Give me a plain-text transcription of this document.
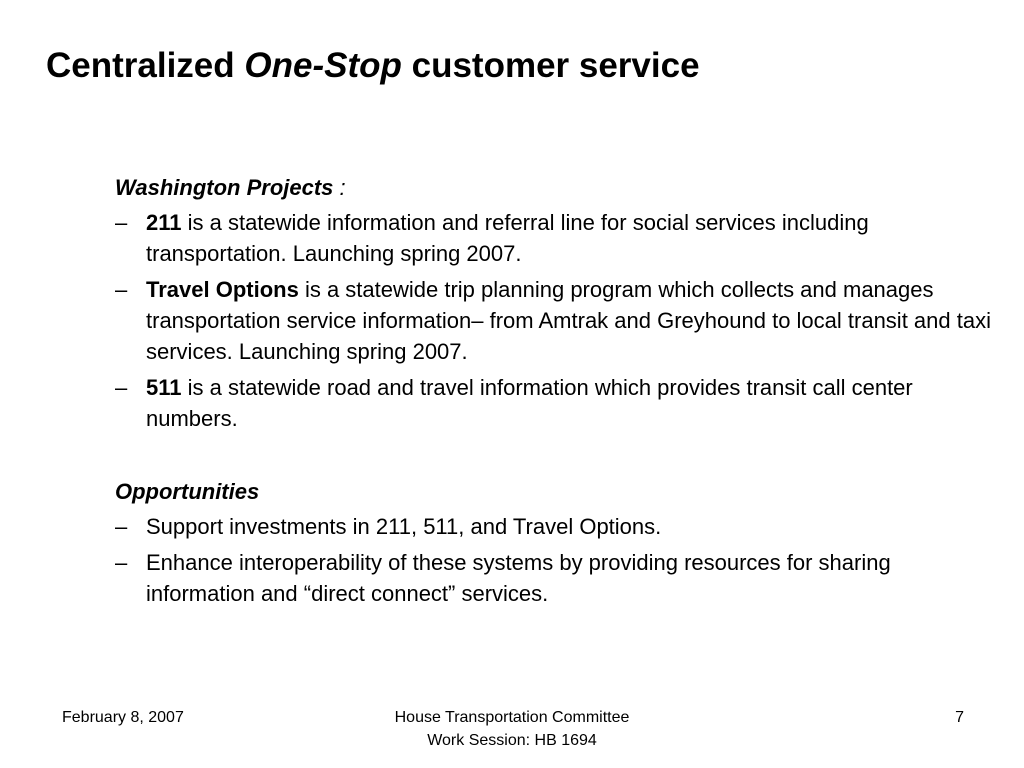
Centralized One-Stop customer service
Washington Projects :
– 211 is a statewide information and referral line for social services including transportation. Launching spring 2007.
– Travel Options is a statewide trip planning program which collects and manages transportation service information– from Amtrak and Greyhound to local transit and taxi services. Launching spring 2007.
– 511 is a statewide road and travel information which provides transit call center numbers.
Opportunities
– Support investments in 211, 511, and Travel Options.
– Enhance interoperability of these systems by providing resources for sharing information and “direct connect” services.
February 8, 2007	House Transportation Committee
Work Session: HB 1694
7
